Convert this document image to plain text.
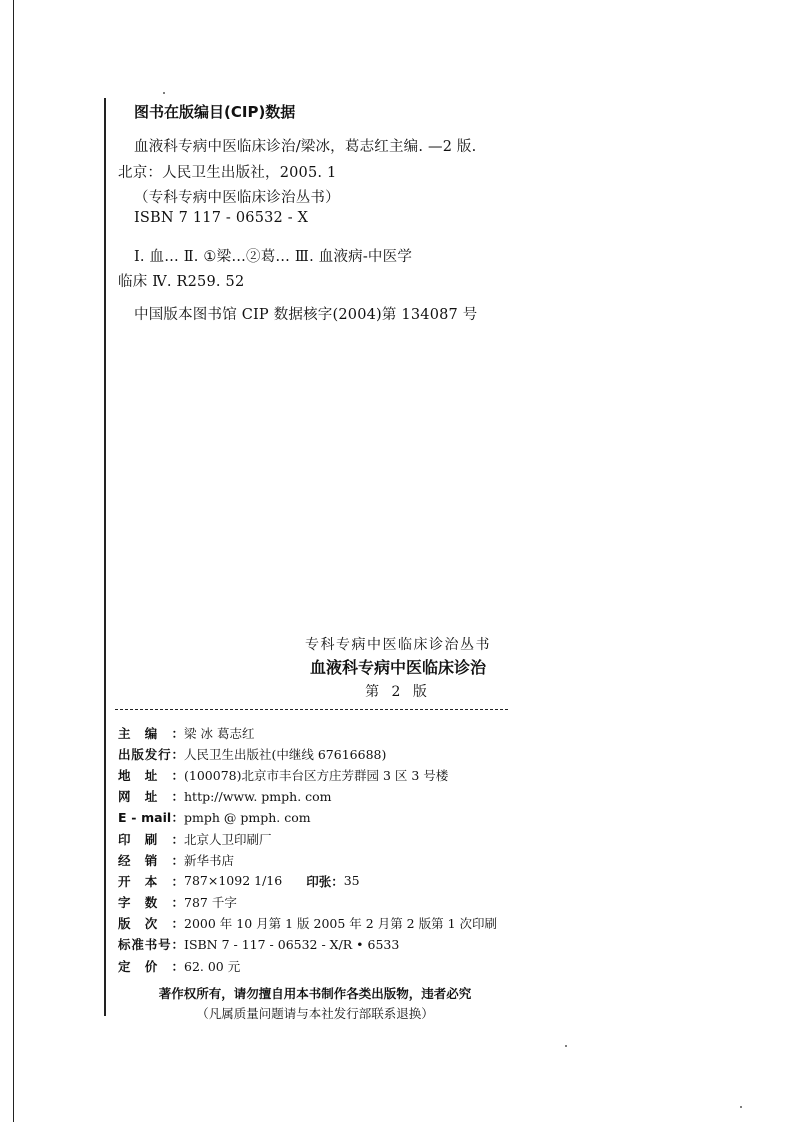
图书在版编目(CIP)数据
血液科专病中医临床诊治/梁冰，葛志红主编. —2 版.
北京：人民卫生出版社，2005. 1
（专科专病中医临床诊治丛书）
ISBN 7 117 - 06532 - X
Ⅰ. 血… Ⅱ. ①梁…②葛… Ⅲ. 血液病-中医学
临床 Ⅳ. R259. 52
中国版本图书馆 CIP 数据核字(2004)第 134087 号
专科专病中医临床诊治丛书
血液科专病中医临床诊治
第 2 版
主编： 梁 冰 葛志红
出版发行： 人民卫生出版社(中继线 67616688)
地址： (100078)北京市丰台区方庄芳群园 3 区 3 号楼
网址： http://www. pmph. com
E - mail： pmph @ pmph. com
印刷： 北京人卫印刷厂
经销： 新华书店
开本： 787×1092 1/16 印张： 35
字数： 787 千字
版次： 2000 年 10 月第 1 版 2005 年 2 月第 2 版第 1 次印刷
标准书号： ISBN 7 - 117 - 06532 - X/R • 6533
定价： 62. 00 元
著作权所有，请勿擅自用本书制作各类出版物，违者必究
（凡属质量问题请与本社发行部联系退换）
